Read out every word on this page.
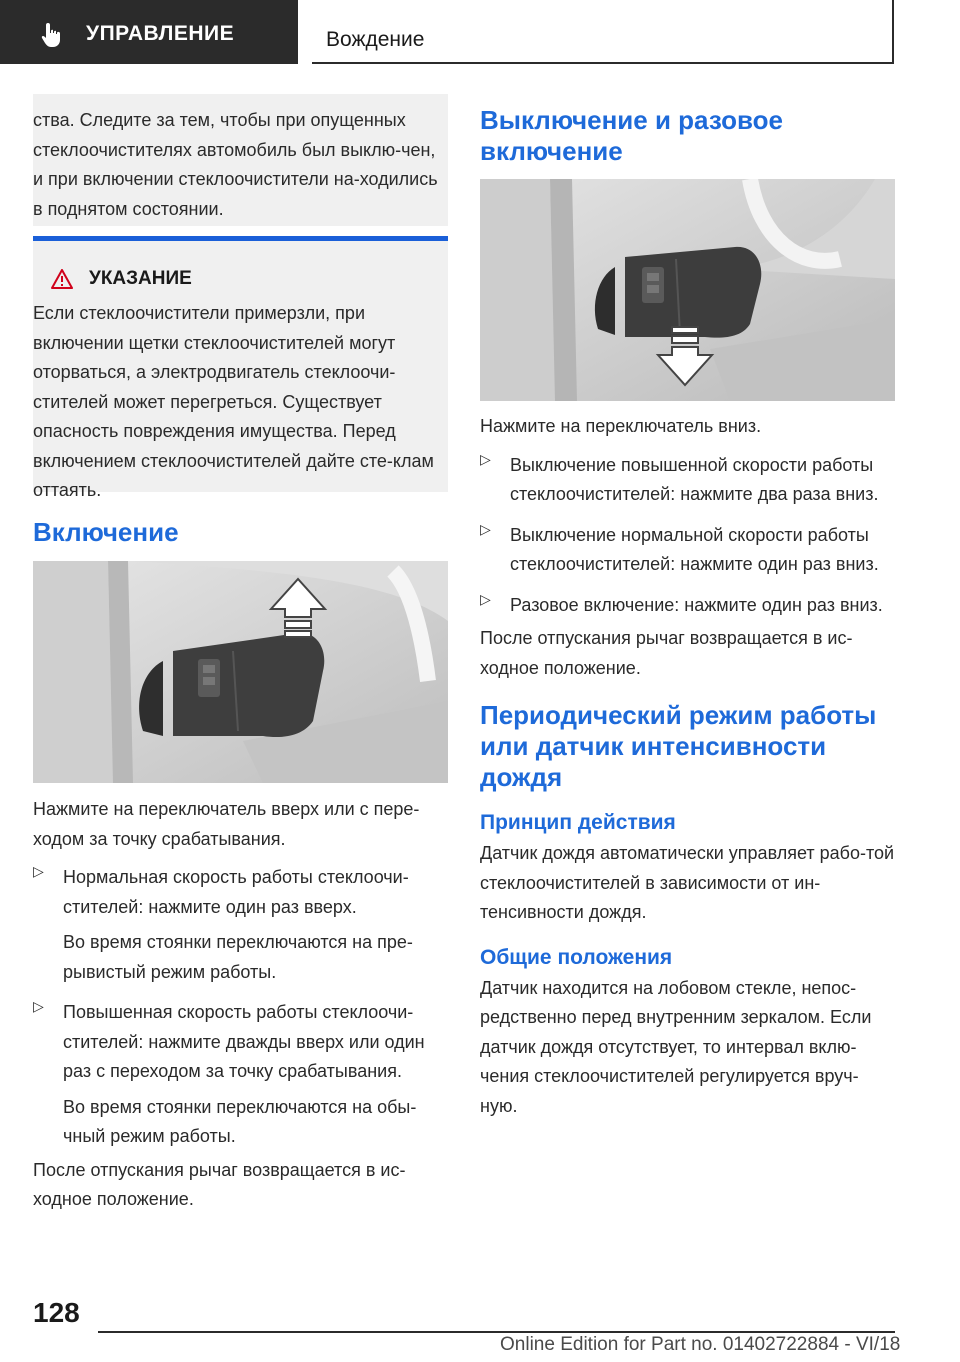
УПРАВЛЕНИЕ	Вождение

ства. Следите за тем, чтобы при опущенных стеклоочистителях автомобиль был выклю‐чен, и при включении стеклоочистители на‐ходились в поднятом состоянии.

УКАЗАНИЕ

Если стеклоочистители примерзли, при включении щетки стеклоочистителей могут оторваться, а электродвигатель стеклоочи‐стителей может перегреться. Существует опасность повреждения имущества. Перед включением стеклоочистителей дайте сте‐клам оттаять.

Включение

Нажмите на переключатель вверх или с пере‐ходом за точку срабатывания.

▷ Нормальная скорость работы стеклоочи‐стителей: нажмите один раз вверх.

Во время стоянки переключаются на пре‐рывистый режим работы.

▷ Повышенная скорость работы стеклоочи‐стителей: нажмите дважды вверх или один раз с переходом за точку срабатывания.

Во время стоянки переключаются на обы‐чный режим работы.

После отпускания рычаг возвращается в ис‐ходное положение.

Выключение и разовое включение

Нажмите на переключатель вниз.

▷ Выключение повышенной скорости работы стеклоочистителей: нажмите два раза вниз.

▷ Выключение нормальной скорости работы стеклоочистителей: нажмите один раз вниз.

▷ Разовое включение: нажмите один раз вниз.

После отпускания рычаг возвращается в ис‐ходное положение.

Периодический режим работы или датчик интенсивности дождя
Принцип действия

Датчик дождя автоматически управляет рабо‐той стеклоочистителей в зависимости от ин‐тенсивности дождя.

Общие положения

Датчик находится на лобовом стекле, непос‐редственно перед внутренним зеркалом. Если датчик дождя отсутствует, то интервал вклю‐чения стеклоочистителей регулируется вруч‐ную.

128
Online Edition for Part no. 01402722884 - VI/18
